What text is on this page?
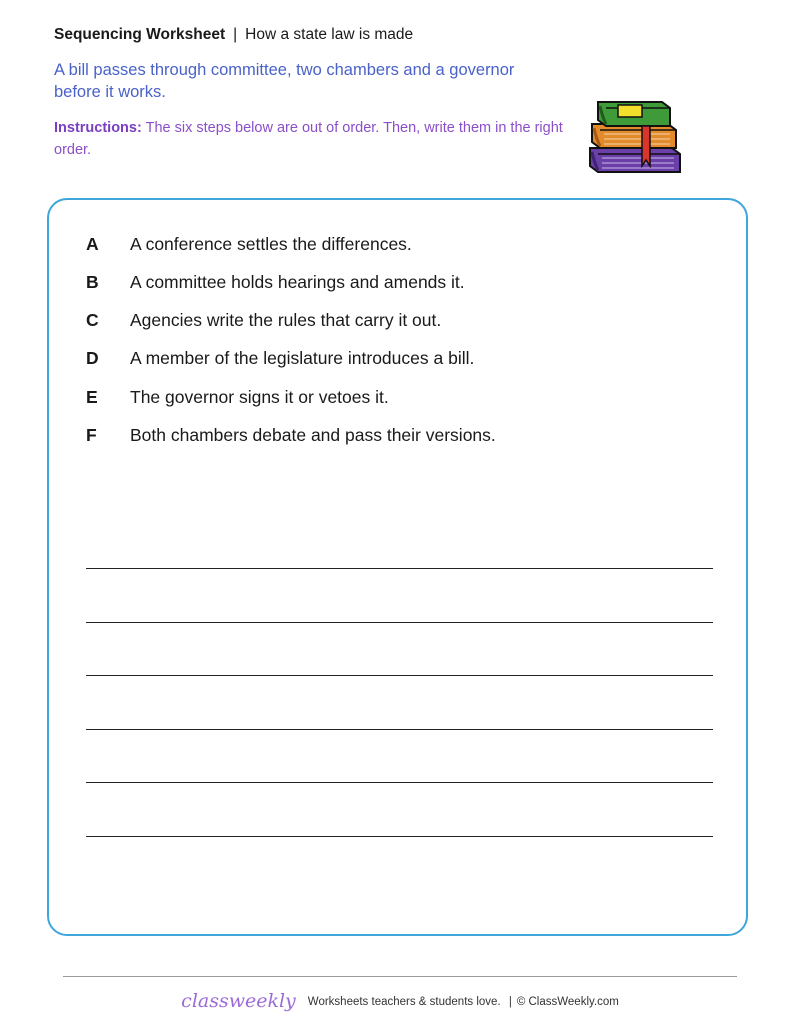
Sequencing Worksheet | How a state law is made
A bill passes through committee, two chambers and a governor before it works.
Instructions: The six steps below are out of order. Then, write them in the right order.
A A conference settles the differences.
B A committee holds hearings and amends it.
C Agencies write the rules that carry it out.
D A member of the legislature introduces a bill.
E The governor signs it or vetoes it.
F Both chambers debate and pass their versions.
classweekly Worksheets teachers & students love. | © ClassWeekly.com
